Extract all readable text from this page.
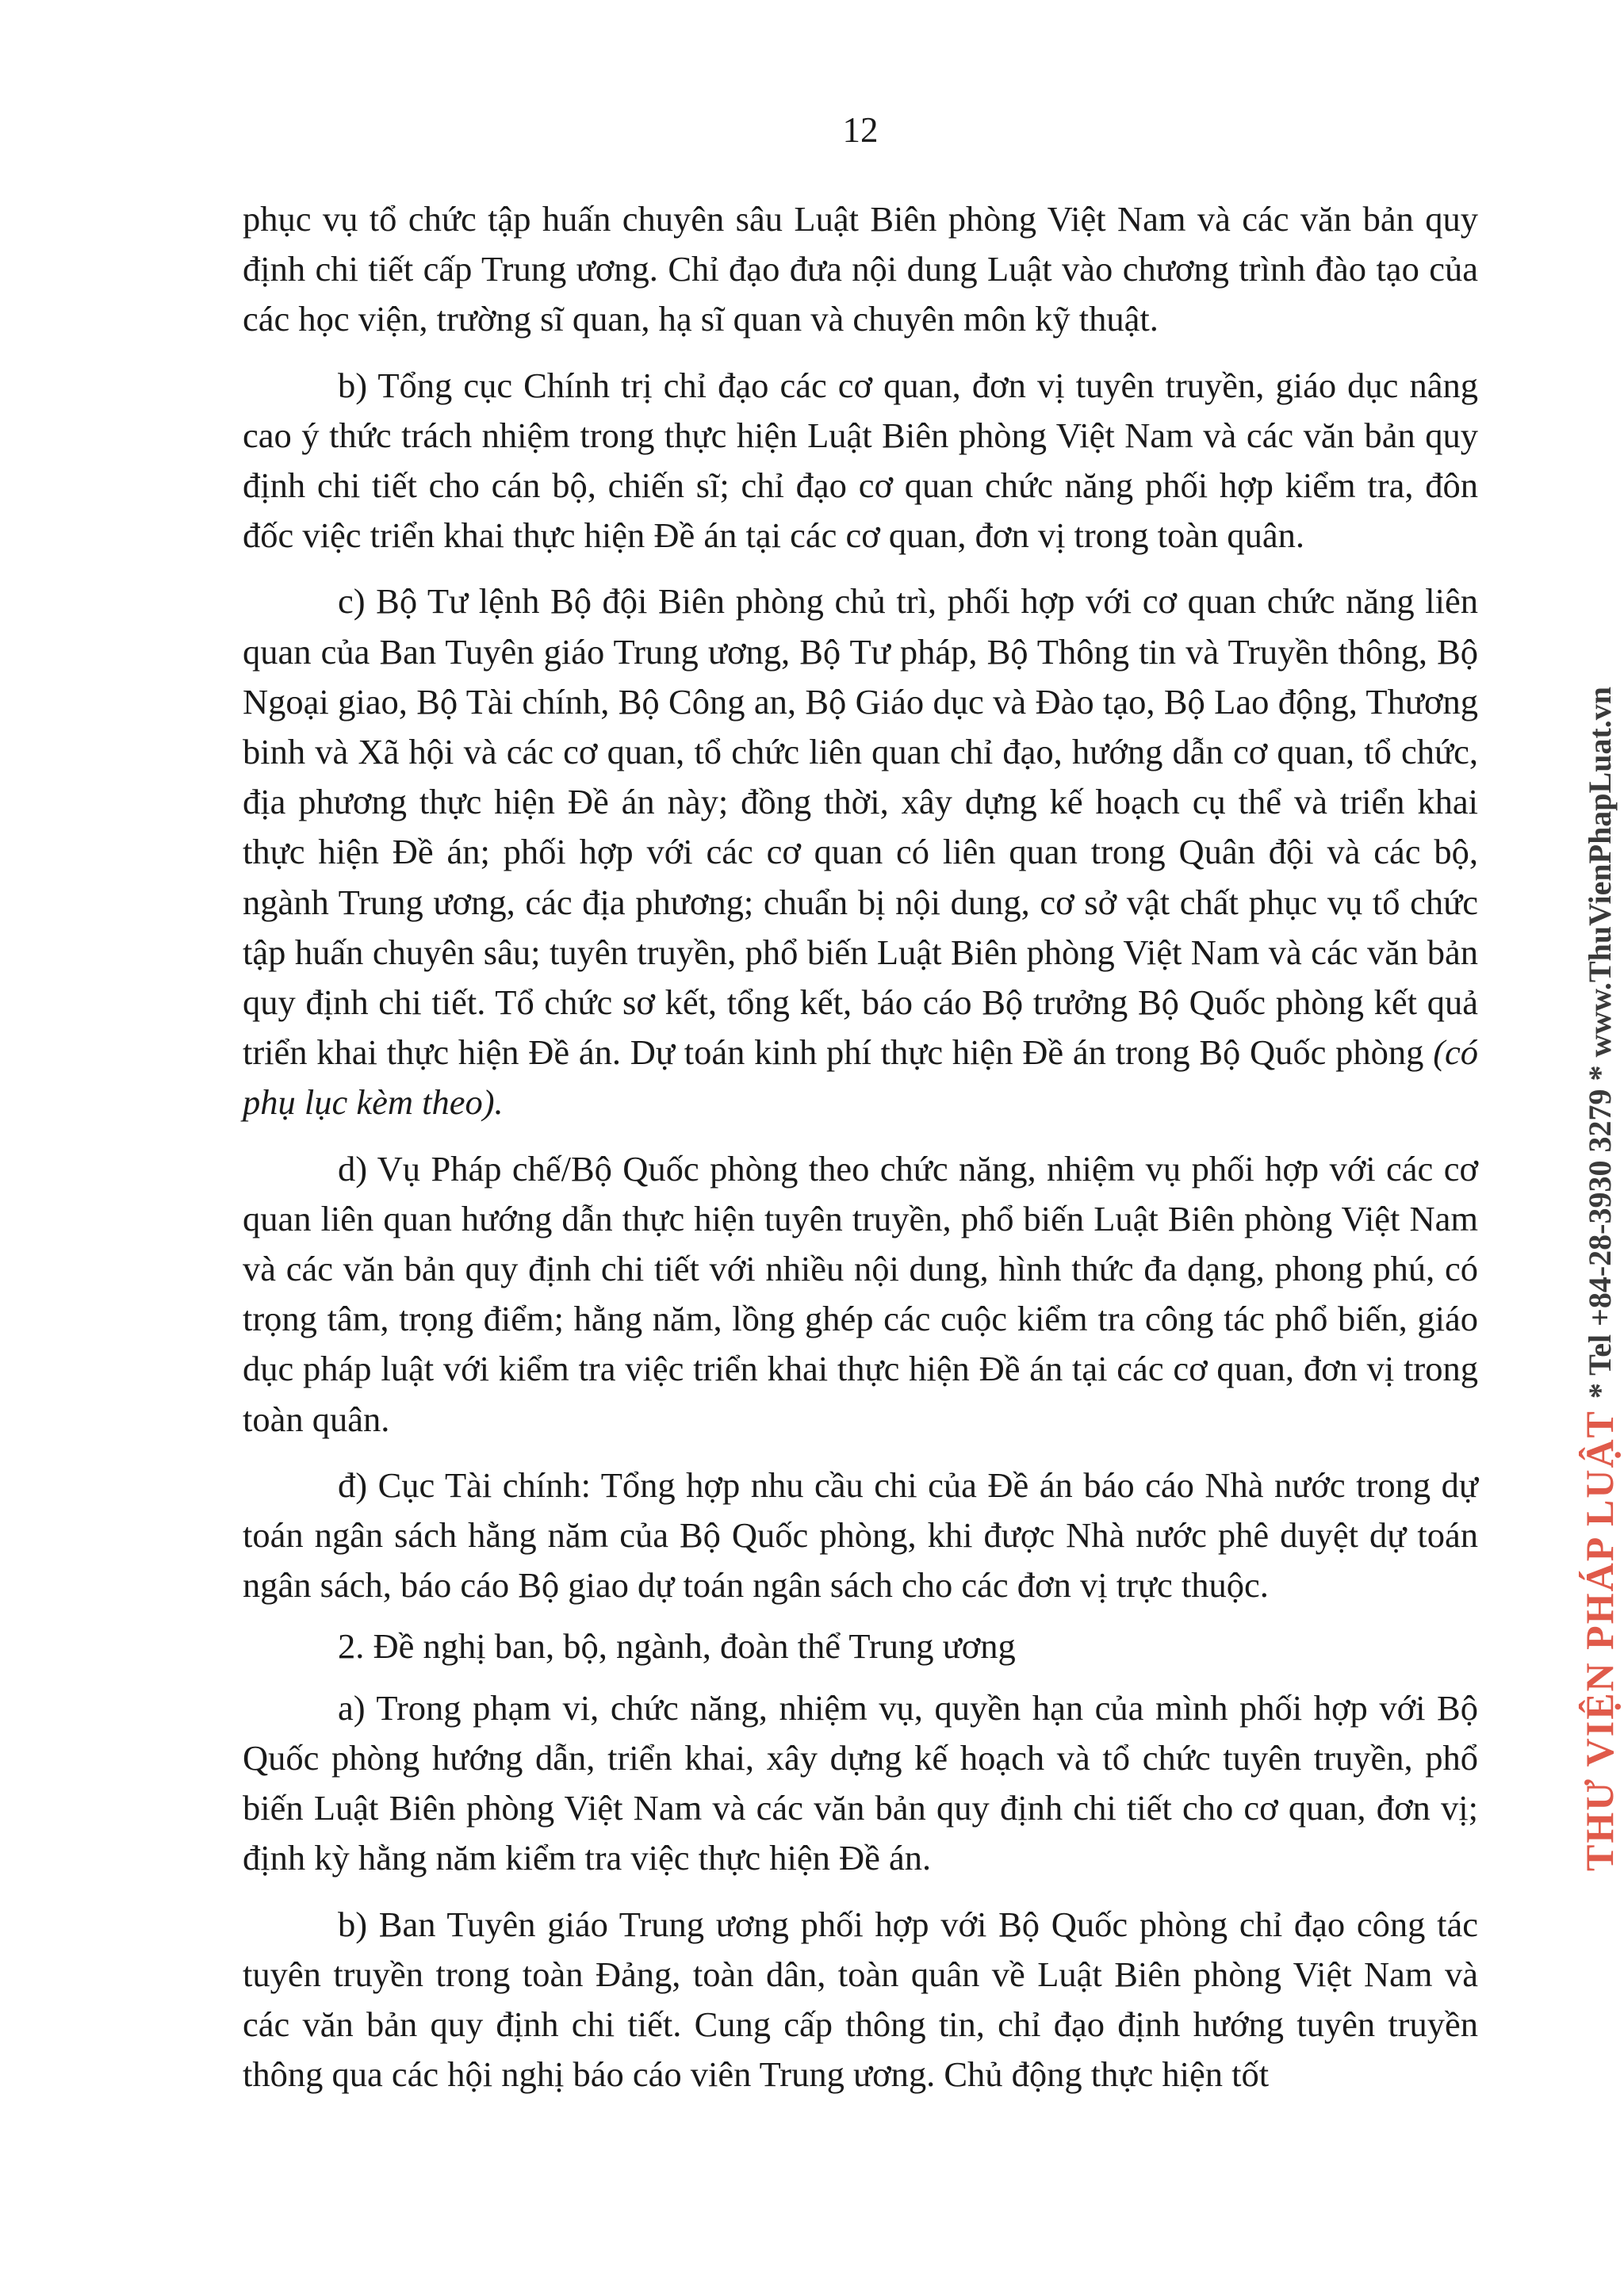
12

phục vụ tổ chức tập huấn chuyên sâu Luật Biên phòng Việt Nam và các văn bản quy định chi tiết cấp Trung ương. Chỉ đạo đưa nội dung Luật vào chương trình đào tạo của các học viện, trường sĩ quan, hạ sĩ quan và chuyên môn kỹ thuật.

b) Tổng cục Chính trị chỉ đạo các cơ quan, đơn vị tuyên truyền, giáo dục nâng cao ý thức trách nhiệm trong thực hiện Luật Biên phòng Việt Nam và các văn bản quy định chi tiết cho cán bộ, chiến sĩ; chỉ đạo cơ quan chức năng phối hợp kiểm tra, đôn đốc việc triển khai thực hiện Đề án tại các cơ quan, đơn vị trong toàn quân.

c) Bộ Tư lệnh Bộ đội Biên phòng chủ trì, phối hợp với cơ quan chức năng liên quan của Ban Tuyên giáo Trung ương, Bộ Tư pháp, Bộ Thông tin và Truyền thông, Bộ Ngoại giao, Bộ Tài chính, Bộ Công an, Bộ Giáo dục và Đào tạo, Bộ Lao động, Thương binh và Xã hội và các cơ quan, tổ chức liên quan chỉ đạo, hướng dẫn cơ quan, tổ chức, địa phương thực hiện Đề án này; đồng thời, xây dựng kế hoạch cụ thể và triển khai thực hiện Đề án; phối hợp với các cơ quan có liên quan trong Quân đội và các bộ, ngành Trung ương, các địa phương; chuẩn bị nội dung, cơ sở vật chất phục vụ tổ chức tập huấn chuyên sâu; tuyên truyền, phổ biến Luật Biên phòng Việt Nam và các văn bản quy định chi tiết. Tổ chức sơ kết, tổng kết, báo cáo Bộ trưởng Bộ Quốc phòng kết quả triển khai thực hiện Đề án. Dự toán kinh phí thực hiện Đề án trong Bộ Quốc phòng (có phụ lục kèm theo).

d) Vụ Pháp chế/Bộ Quốc phòng theo chức năng, nhiệm vụ phối hợp với các cơ quan liên quan hướng dẫn thực hiện tuyên truyền, phổ biến Luật Biên phòng Việt Nam và các văn bản quy định chi tiết với nhiều nội dung, hình thức đa dạng, phong phú, có trọng tâm, trọng điểm; hằng năm, lồng ghép các cuộc kiểm tra công tác phổ biến, giáo dục pháp luật với kiểm tra việc triển khai thực hiện Đề án tại các cơ quan, đơn vị trong toàn quân.

đ) Cục Tài chính: Tổng hợp nhu cầu chi của Đề án báo cáo Nhà nước trong dự toán ngân sách hằng năm của Bộ Quốc phòng, khi được Nhà nước phê duyệt dự toán ngân sách, báo cáo Bộ giao dự toán ngân sách cho các đơn vị trực thuộc.

2. Đề nghị ban, bộ, ngành, đoàn thể Trung ương

a) Trong phạm vi, chức năng, nhiệm vụ, quyền hạn của mình phối hợp với Bộ Quốc phòng hướng dẫn, triển khai, xây dựng kế hoạch và tổ chức tuyên truyền, phổ biến Luật Biên phòng Việt Nam và các văn bản quy định chi tiết cho cơ quan, đơn vị; định kỳ hằng năm kiểm tra việc thực hiện Đề án.

b) Ban Tuyên giáo Trung ương phối hợp với Bộ Quốc phòng chỉ đạo công tác tuyên truyền trong toàn Đảng, toàn dân, toàn quân về Luật Biên phòng Việt Nam và các văn bản quy định chi tiết. Cung cấp thông tin, chỉ đạo định hướng tuyên truyền thông qua các hội nghị báo cáo viên Trung ương. Chủ động thực hiện tốt

THƯ VIỆN PHÁP LUẬT
* Tel +84-28-3930 3279 * www.ThuVienPhapLuat.vn
